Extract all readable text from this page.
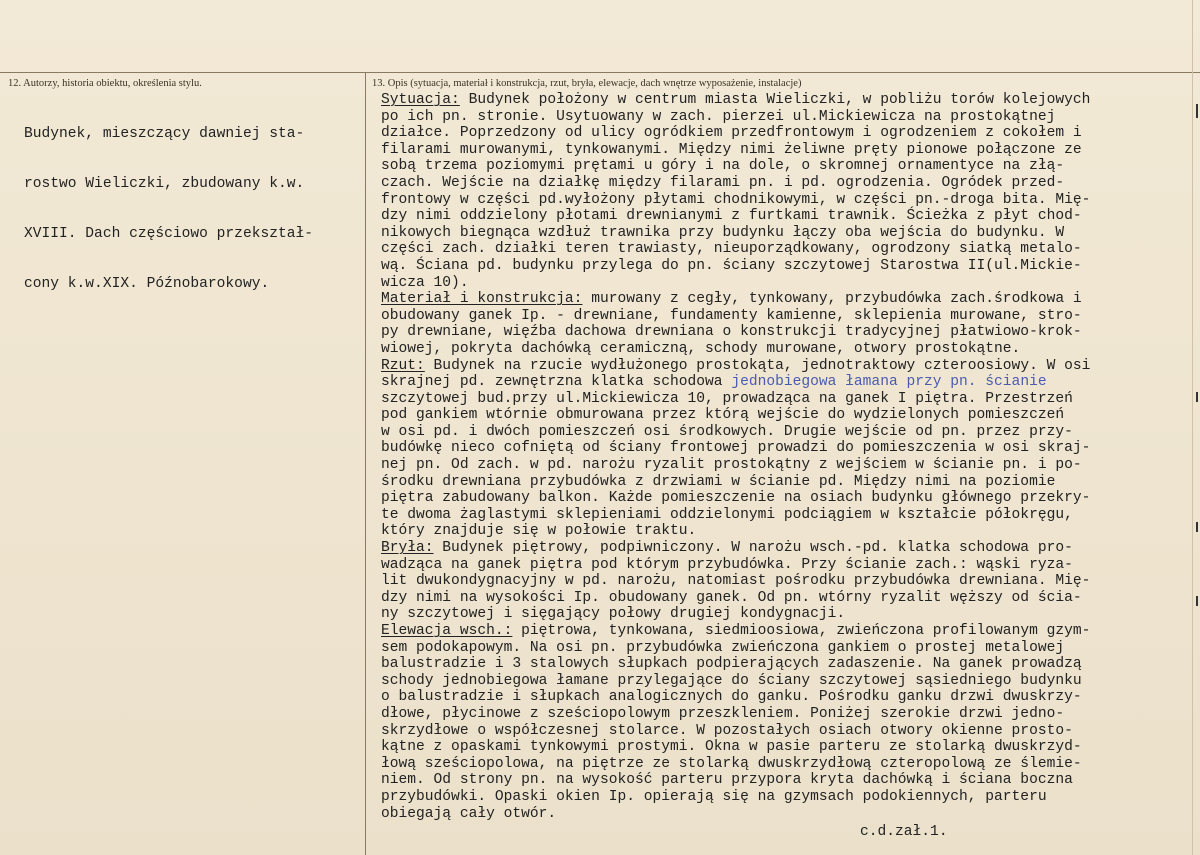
12. Autorzy, historia obiektu, określenia stylu.	13. Opis (sytuacja, materiał i konstrukcja, rzut, bryła, elewacje, dach wnętrze wyposażenie, instalacje)

Budynek, mieszczący dawniej sta-

rostwo Wieliczki, zbudowany k.w.

XVIII. Dach częściowo przekształ-

cony k.w.XIX. Późnobarokowy.

Sytuacja: Budynek położony w centrum miasta Wieliczki, w pobliżu torów kolejowych
po ich pn. stronie. Usytuowany w zach. pierzei ul.Mickiewicza na prostokątnej
działce. Poprzedzony od ulicy ogródkiem przedfrontowym i ogrodzeniem z cokołem i
filarami murowanymi, tynkowanymi. Między nimi żeliwne pręty pionowe połączone ze
sobą trzema poziomymi prętami u góry i na dole, o skromnej ornamentyce na złą-
czach. Wejście na działkę między filarami pn. i pd. ogrodzenia. Ogródek przed-
frontowy w części pd.wyłożony płytami chodnikowymi, w części pn.-droga bita. Mię-
dzy nimi oddzielony płotami drewnianymi z furtkami trawnik. Ścieżka z płyt chod-
nikowych biegnąca wzdłuż trawnika przy budynku łączy oba wejścia do budynku. W
części zach. działki teren trawiasty, nieuporządkowany, ogrodzony siatką metalo-
wą. Ściana pd. budynku przylega do pn. ściany szczytowej Starostwa II(ul.Mickie-
wicza 10).
Materiał i konstrukcja: murowany z cegły, tynkowany, przybudówka zach.środkowa i
obudowany ganek Ip. - drewniane, fundamenty kamienne, sklepienia murowane, stro-
py drewniane, więźba dachowa drewniana o konstrukcji tradycyjnej płatwiowo-krok-
wiowej, pokryta dachówką ceramiczną, schody murowane, otwory prostokątne.
Rzut: Budynek na rzucie wydłużonego prostokąta, jednotraktowy czteroosiowy. W osi
skrajnej pd. zewnętrzna klatka schodowa jednobiegowa łamana przy pn. ścianie
szczytowej bud.przy ul.Mickiewicza 10, prowadząca na ganek I piętra. Przestrzeń
pod gankiem wtórnie obmurowana przez którą wejście do wydzielonych pomieszczeń
w osi pd. i dwóch pomieszczeń osi środkowych. Drugie wejście od pn. przez przy-
budówkę nieco cofniętą od ściany frontowej prowadzi do pomieszczenia w osi skraj-
nej pn. Od zach. w pd. narożu ryzalit prostokątny z wejściem w ścianie pn. i po-
środku drewniana przybudówka z drzwiami w ścianie pd. Między nimi na poziomie
piętra zabudowany balkon. Każde pomieszczenie na osiach budynku głównego przekry-
te dwoma żaglastymi sklepieniami oddzielonymi podciągiem w kształcie półokręgu,
który znajduje się w połowie traktu.
Bryła: Budynek piętrowy, podpiwniczony. W narożu wsch.-pd. klatka schodowa pro-
wadząca na ganek piętra pod którym przybudówka. Przy ścianie zach.: wąski ryza-
lit dwukondygnacyjny w pd. narożu, natomiast pośrodku przybudówka drewniana. Mię-
dzy nimi na wysokości Ip. obudowany ganek. Od pn. wtórny ryzalit węższy od ścia-
ny szczytowej i sięgający połowy drugiej kondygnacji.
Elewacja wsch.: piętrowa, tynkowana, siedmioosiowa, zwieńczona profilowanym gzym-
sem podokapowym. Na osi pn. przybudówka zwieńczona gankiem o prostej metalowej
balustradzie i 3 stalowych słupkach podpierających zadaszenie. Na ganek prowadzą
schody jednobiegowa łamane przylegające do ściany szczytowej sąsiedniego budynku
o balustradzie i słupkach analogicznych do ganku. Pośrodku ganku drzwi dwuskrzy-
dłowe, płycinowe z sześciopolowym przeszkleniem. Poniżej szerokie drzwi jedno-
skrzydłowe o współczesnej stolarce. W pozostałych osiach otwory okienne prosto-
kątne z opaskami tynkowymi prostymi. Okna w pasie parteru ze stolarką dwuskrzyd-
łową sześciopolowa, na piętrze ze stolarką dwuskrzydłową czteropolową ze ślemie-
niem. Od strony pn. na wysokość parteru przypora kryta dachówką i ściana boczna
przybudówki. Opaski okien Ip. opierają się na gzymsach podokiennych, parteru
obiegają cały otwór.
c.d.zał.1.
